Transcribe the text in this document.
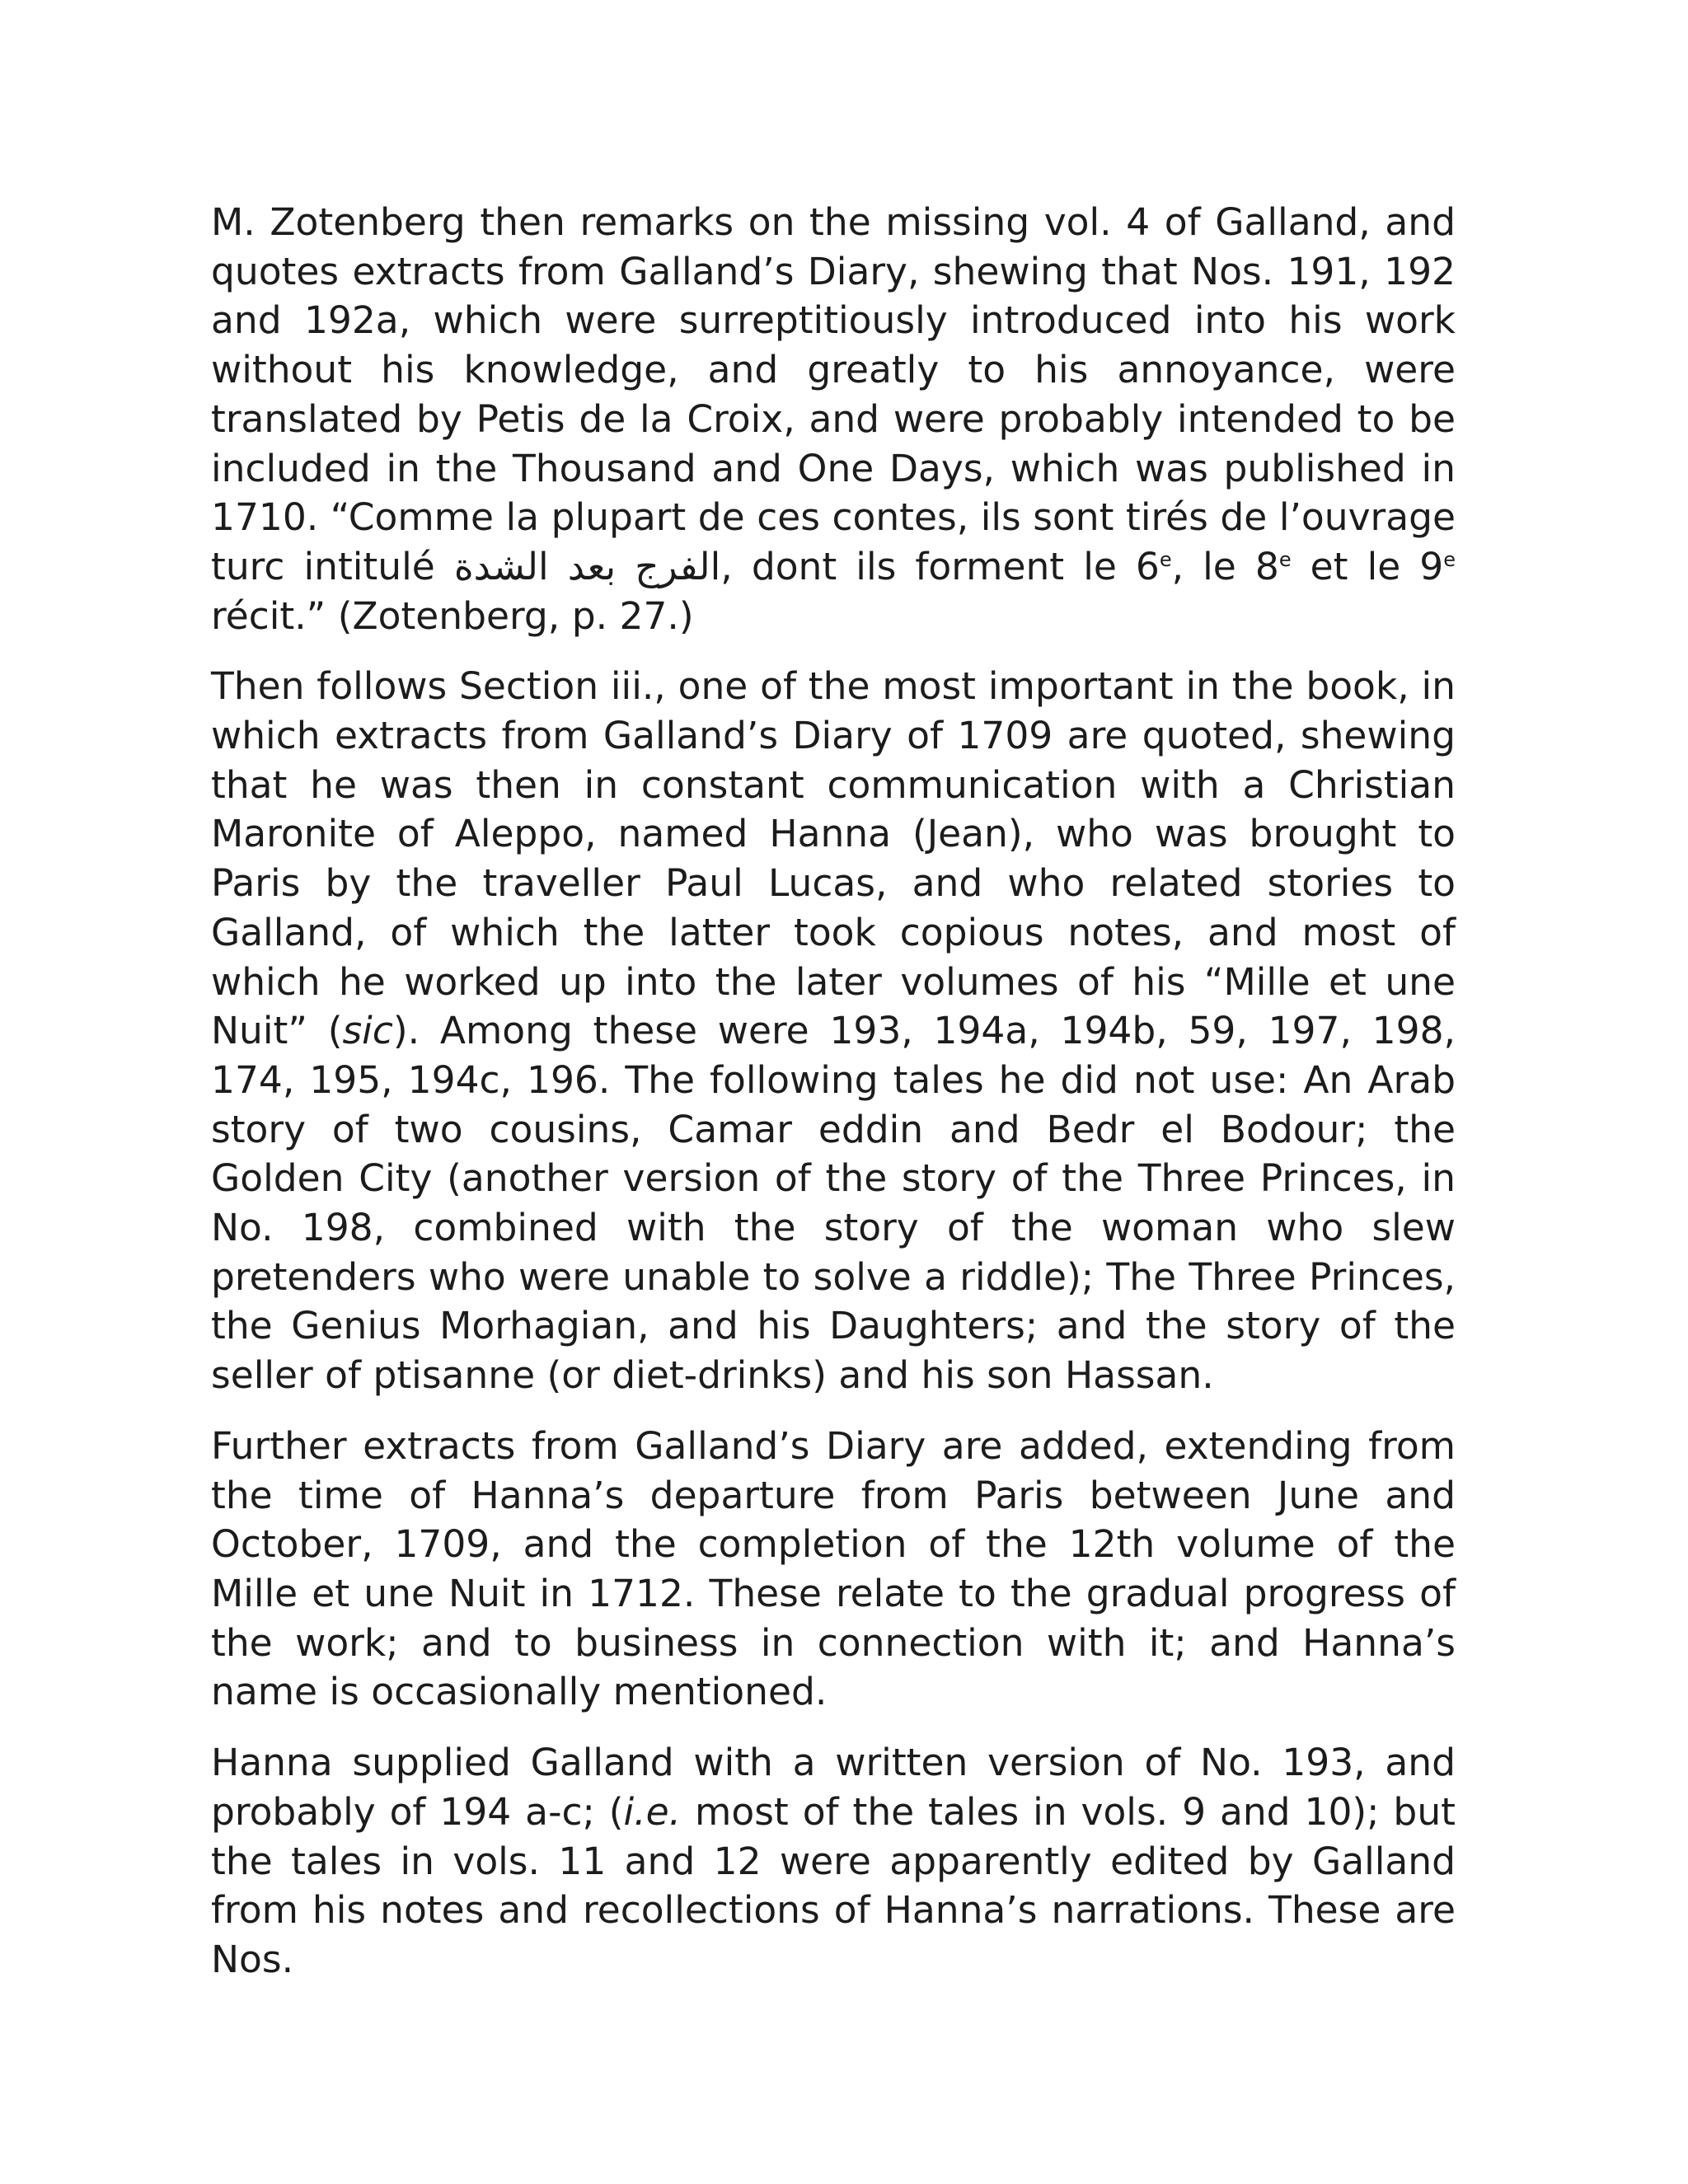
M. Zotenberg then remarks on the missing vol. 4 of Galland, and quotes extracts from Galland’s Diary, shewing that Nos. 191, 192 and 192a, which were surreptitiously introduced into his work without his knowledge, and greatly to his annoyance, were translated by Petis de la Croix, and were probably intended to be included in the Thousand and One Days, which was published in 1710. “Comme la plupart de ces contes, ils sont tirés de l’ouvrage turc intitulé الفرج بعد الشدة, dont ils forment le 6e, le 8e et le 9e récit.” (Zotenberg, p. 27.)

Then follows Section iii., one of the most important in the book, in which extracts from Galland’s Diary of 1709 are quoted, shewing that he was then in constant communication with a Christian Maronite of Aleppo, named Hanna (Jean), who was brought to Paris by the traveller Paul Lucas, and who related stories to Galland, of which the latter took copious notes, and most of which he worked up into the later volumes of his “Mille et une Nuit” (sic). Among these were 193, 194a, 194b, 59, 197, 198, 174, 195, 194c, 196. The following tales he did not use: An Arab story of two cousins, Camar eddin and Bedr el Bodour; the Golden City (another version of the story of the Three Princes, in No. 198, combined with the story of the woman who slew pretenders who were unable to solve a riddle); The Three Princes, the Genius Morhagian, and his Daughters; and the story of the seller of ptisanne (or diet-drinks) and his son Hassan.

Further extracts from Galland’s Diary are added, extending from the time of Hanna’s departure from Paris between June and October, 1709, and the completion of the 12th volume of the Mille et une Nuit in 1712. These relate to the gradual progress of the work; and to business in connection with it; and Hanna’s name is occasionally mentioned.

Hanna supplied Galland with a written version of No. 193, and probably of 194 a-c; (i.e. most of the tales in vols. 9 and 10); but the tales in vols. 11 and 12 were apparently edited by Galland from his notes and recollections of Hanna’s narrations. These are Nos.
